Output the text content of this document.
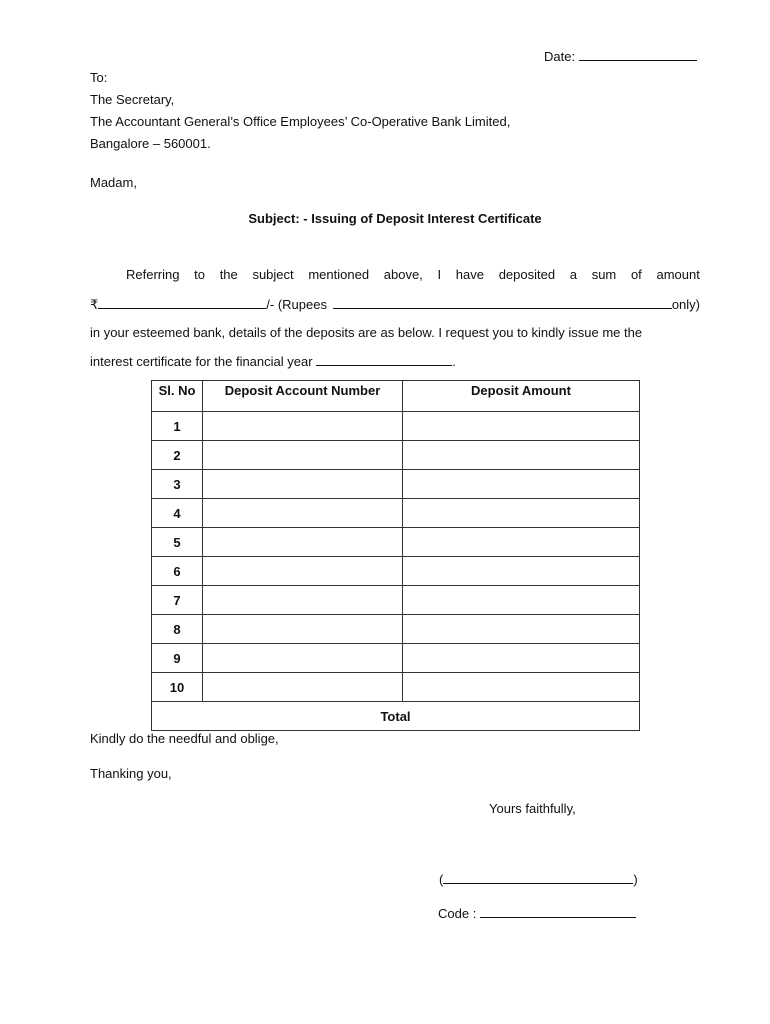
Date:
To:
The Secretary,
The Accountant General’s Office Employees’ Co-Operative Bank Limited,
Bangalore – 560001.
Madam,
Subject: - Issuing of Deposit Interest Certificate
Referring to the subject mentioned above, I have deposited a sum of amount
₹	/- (Rupees	only)
in your esteemed bank, details of the deposits are as below. I request you to kindly issue me the
interest certificate for the financial year	.
Sl. No	Deposit Account Number	Deposit Amount
1		
2		
3		
4		
5		
6		
7		
8		
9		
10		
Total		
Kindly do the needful and oblige,
Thanking you,
Yours faithfully,
(	)
Code :
